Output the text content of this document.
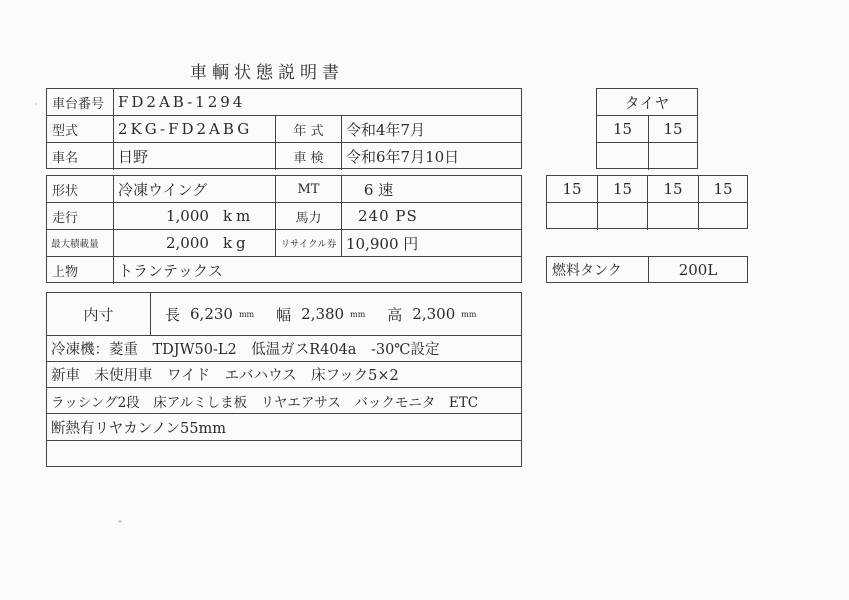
車輌状態説明書
車台番号 FD2AB-1294
型式	2KG-FD2ABG	年 式	令和4年7月
車名	日野	車 検	令和6年7月10日
形状	冷凍ウイング	MT	6 速
走行	1,000 km	馬力	240 PS
最大積載量	2,000 kg	リサイクル券 10,900 円
上物	トランテックス
内寸	長 6,230 mm 幅 2,380 mm 高 2,300 mm
冷凍機：菱重　TDJW50-L2　低温ガスR404a　-30℃設定
新車　未使用車　ワイド　エバハウス　床フック5×2
ラッシング2段　床アルミしま板　リヤエアサス　バックモニタ　ETC
断熱有リヤカンノン55mm
タイヤ
15	15
15	15	15	15
燃料タンク	200L
·
˅
